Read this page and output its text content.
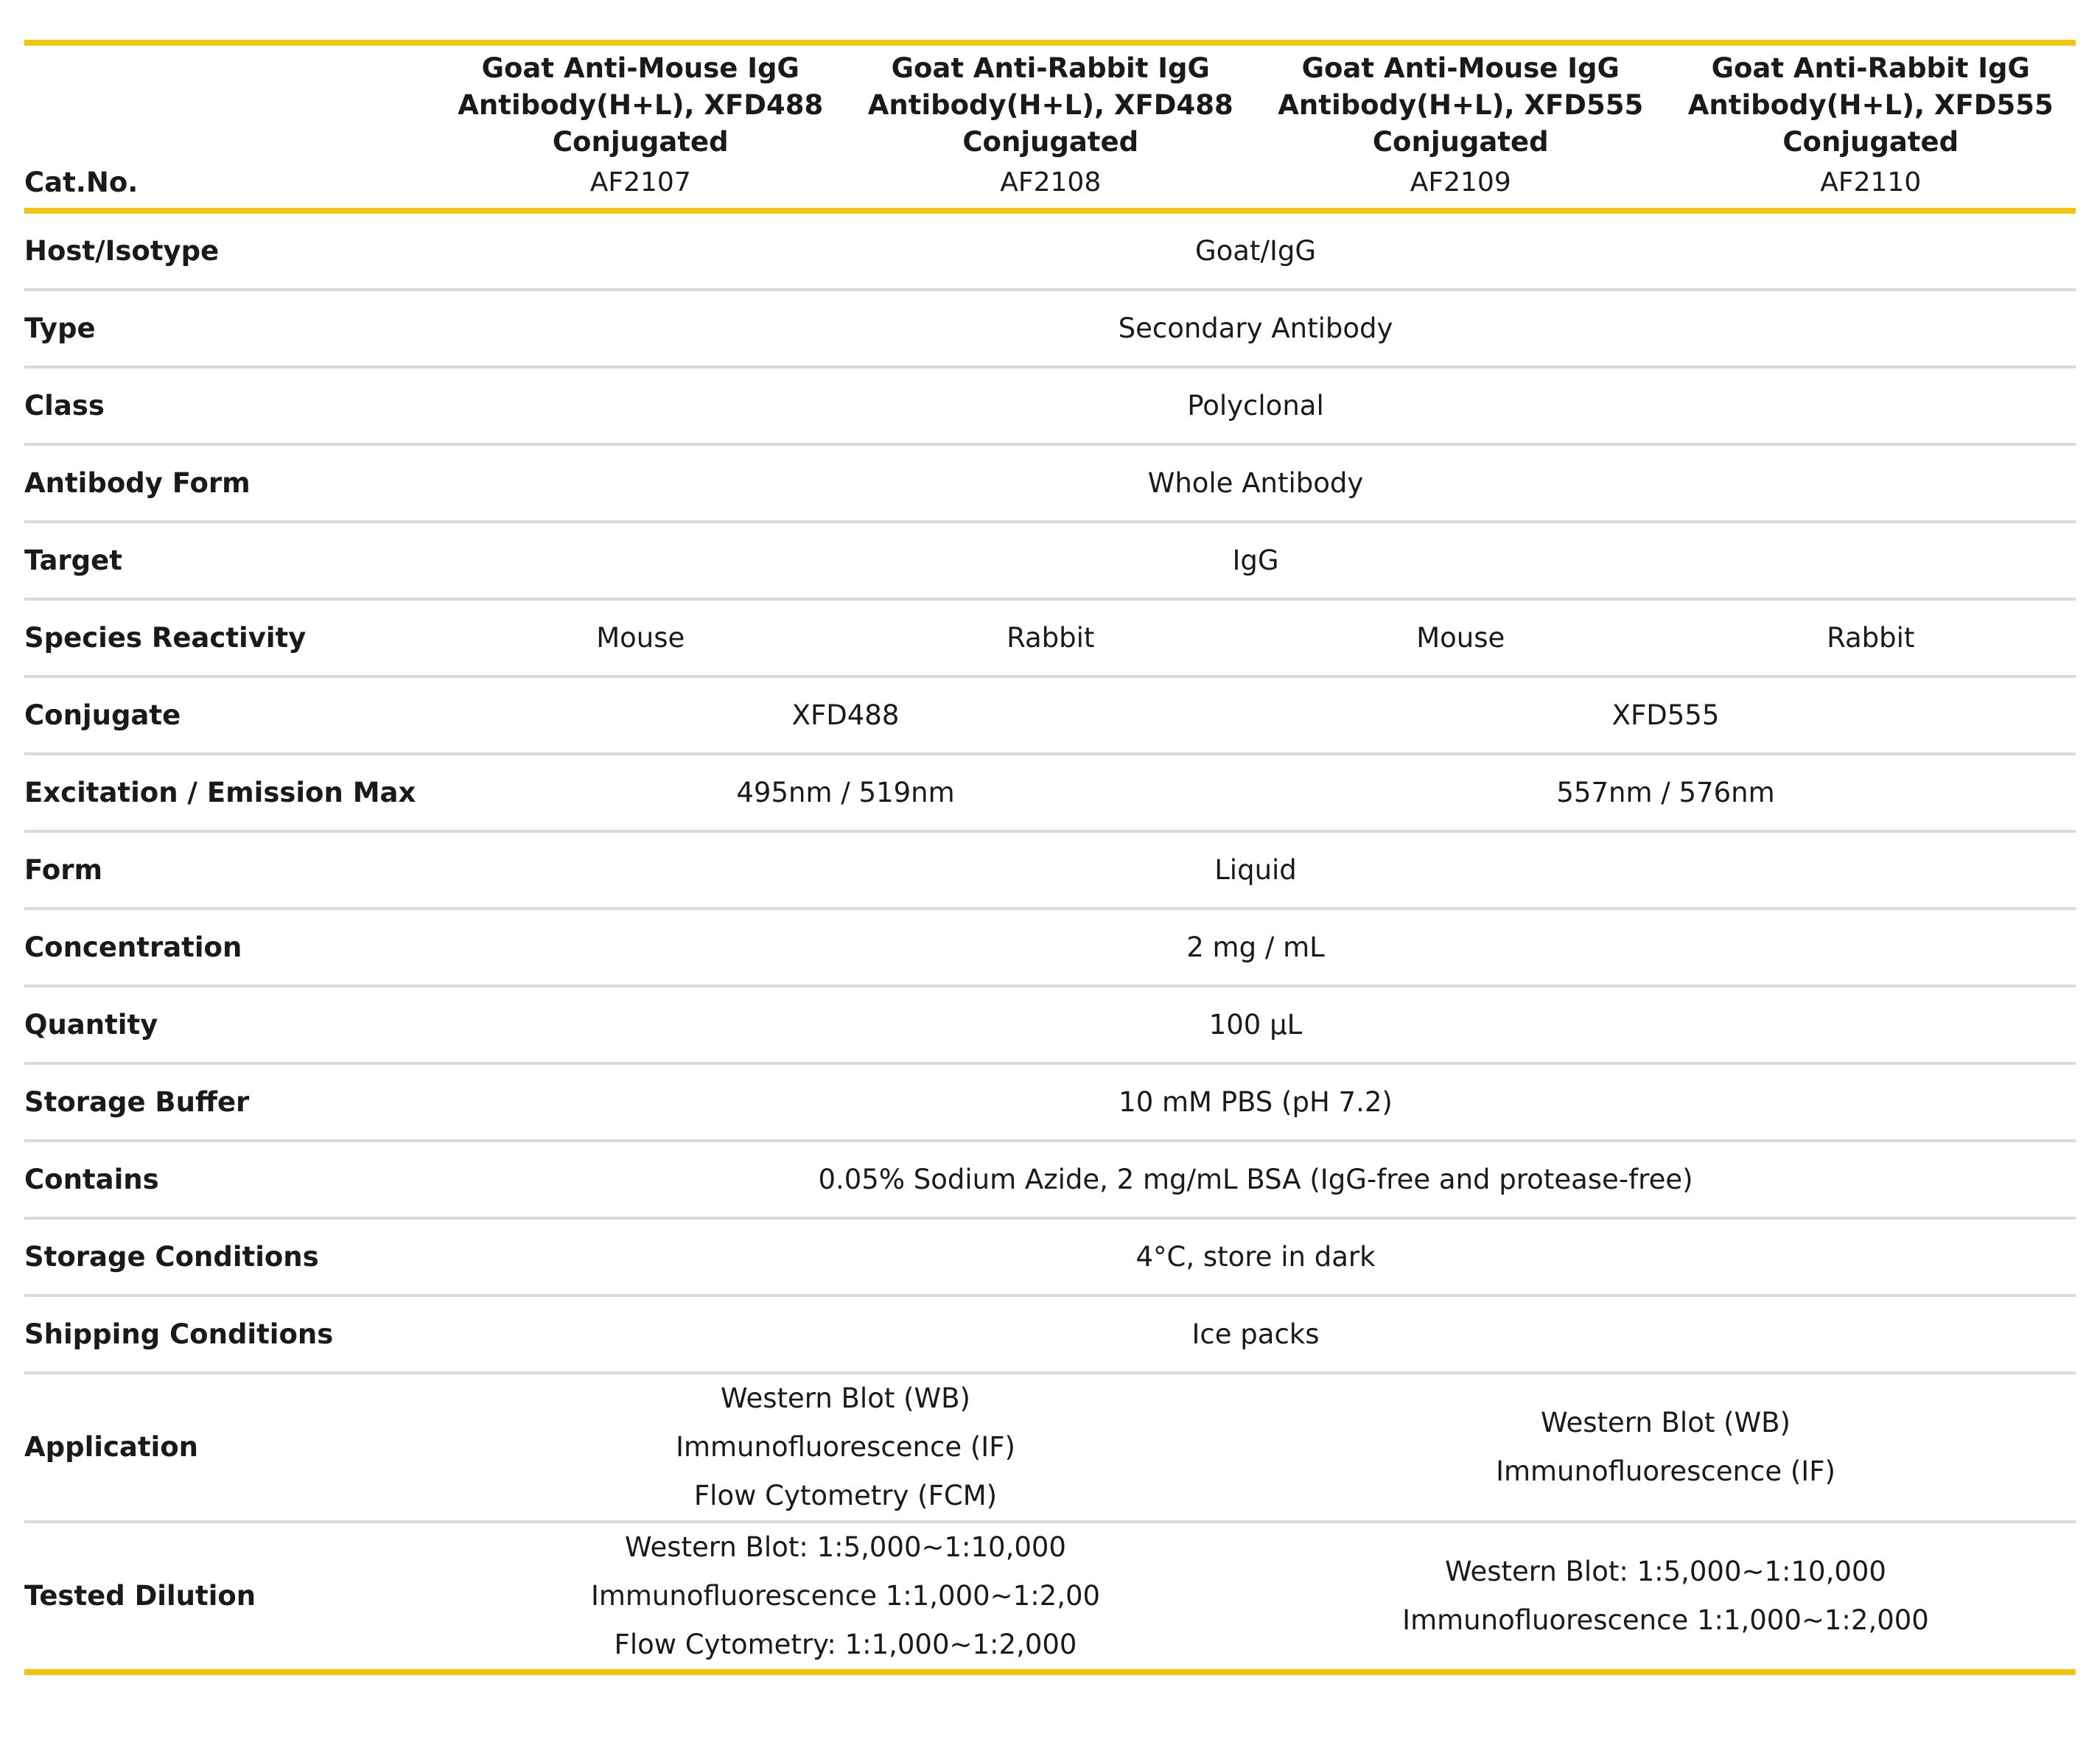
	Goat Anti-Mouse IgG
Antibody(H+L), XFD488
Conjugated	Goat Anti-Rabbit IgG
Antibody(H+L), XFD488
Conjugated	Goat Anti-Mouse IgG
Antibody(H+L), XFD555
Conjugated	Goat Anti-Rabbit IgG
Antibody(H+L), XFD555
Conjugated

Cat.No.	AF2107	AF2108	AF2109	AF2110
Host/Isotype	Goat/IgG			
Type	Secondary Antibody			
Class	Polyclonal			
Antibody Form	Whole Antibody			
Target	IgG			
Species Reactivity	Mouse	Rabbit	Mouse	Rabbit
Conjugate	XFD488		XFD555	
Excitation / Emission Max	495nm / 519nm		557nm / 576nm	
Form	Liquid			
Concentration	2 mg / mL			
Quantity	100 µL			
Storage Buffer	10 mM PBS (pH 7.2)			
Contains	0.05% Sodium Azide, 2 mg/mL BSA (IgG-free and protease-free)			
Storage Conditions	4°C, store in dark			
Shipping Conditions	Ice packs			
Application	Western Blot (WB)
Immunofluorescence (IF)
Flow Cytometry (FCM)		Western Blot (WB)
Immunofluorescence (IF)	

Tested Dilution	Western Blot: 1:5,000~1:10,000
Immunofluorescence 1:1,000~1:2,00
Flow Cytometry: 1:1,000~1:2,000		Western Blot: 1:5,000~1:10,000
Immunofluorescence 1:1,000~1:2,000	
